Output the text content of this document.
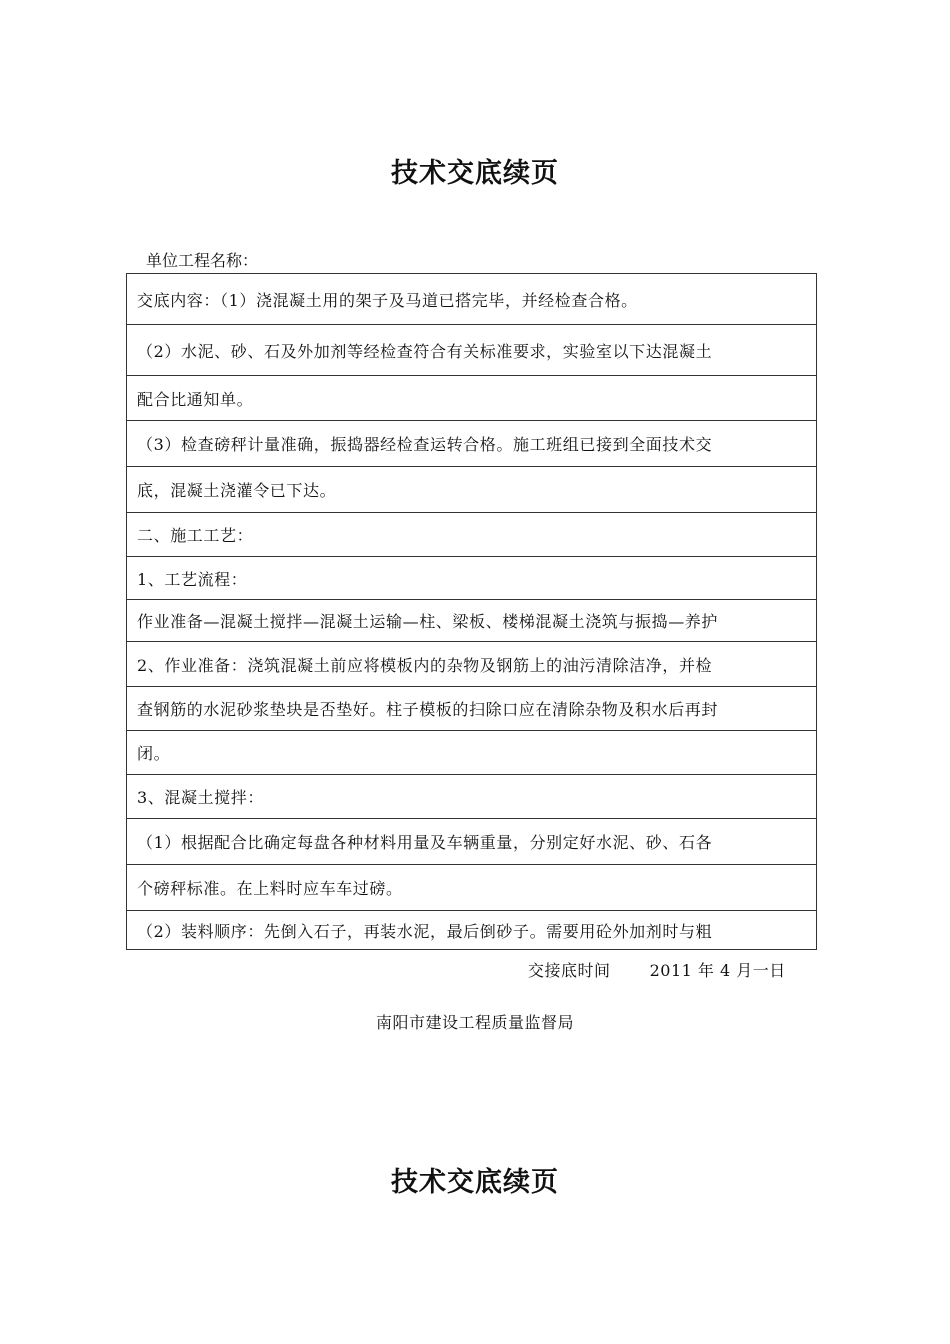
技术交底续页
单位工程名称：
交底内容：（1）浇混凝土用的架子及马道已搭完毕，并经检查合格。
（2）水泥、砂、石及外加剂等经检查符合有关标准要求，实验室以下达混凝土
配合比通知单。
（3）检查磅秤计量准确，振捣器经检查运转合格。施工班组已接到全面技术交
底，混凝土浇灌令已下达。
二、施工工艺：
1、工艺流程：
作业准备—混凝土搅拌—混凝土运输—柱、梁板、楼梯混凝土浇筑与振捣—养护
2、作业准备：浇筑混凝土前应将模板内的杂物及钢筋上的油污清除洁净，并检
查钢筋的水泥砂浆垫块是否垫好。柱子模板的扫除口应在清除杂物及积水后再封
闭。
3、混凝土搅拌：
（1）根据配合比确定每盘各种材料用量及车辆重量，分别定好水泥、砂、石各
个磅秤标准。在上料时应车车过磅。
（2）装料顺序：先倒入石子，再装水泥，最后倒砂子。需要用砼外加剂时与粗
交接底时间       2011 年 4 月一日
南阳市建设工程质量监督局
技术交底续页
